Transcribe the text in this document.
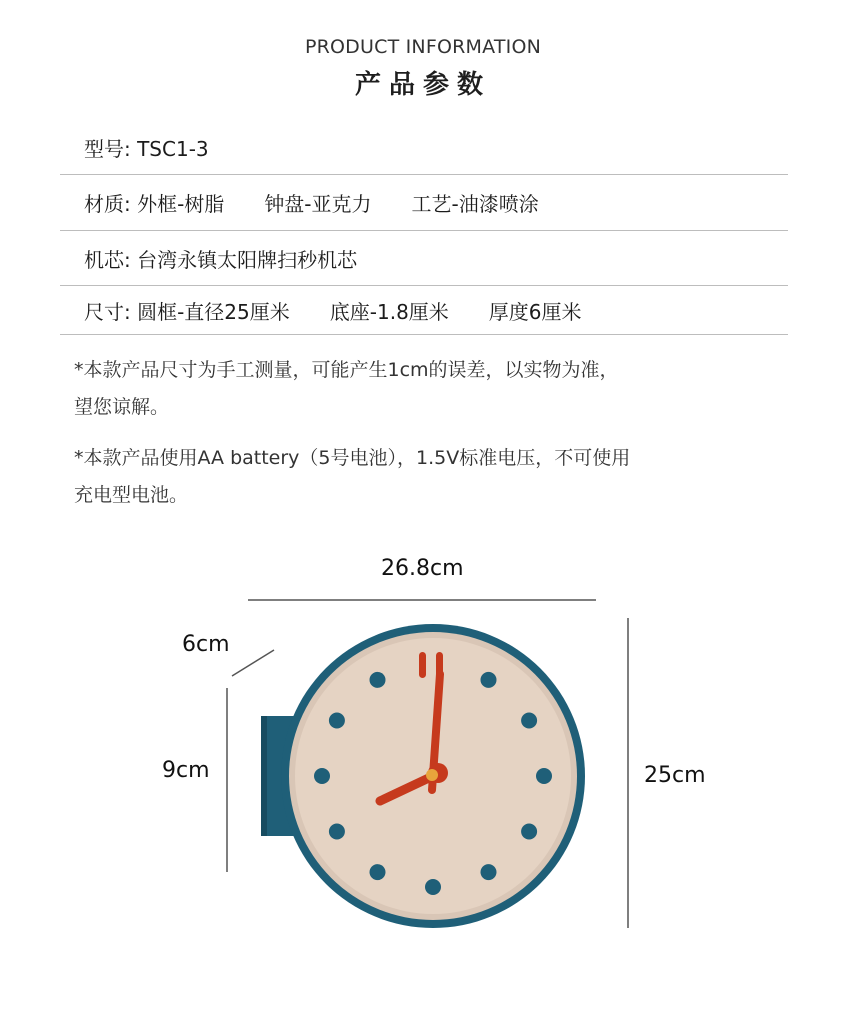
PRODUCT INFORMATION
产品参数
型号: TSC1-3
材质: 外框-树脂 钟盘-亚克力 工艺-油漆喷涂
机芯: 台湾永镇太阳牌扫秒机芯
尺寸: 圆框-直径25厘米 底座-1.8厘米 厚度6厘米
*本款产品尺寸为手工测量，可能产生1cm的误差，以实物为准，
望您谅解。
*本款产品使用AA battery（5号电池），1.5V标准电压，不可使用
充电型电池。
26.8cm
6cm
9cm	25cm
